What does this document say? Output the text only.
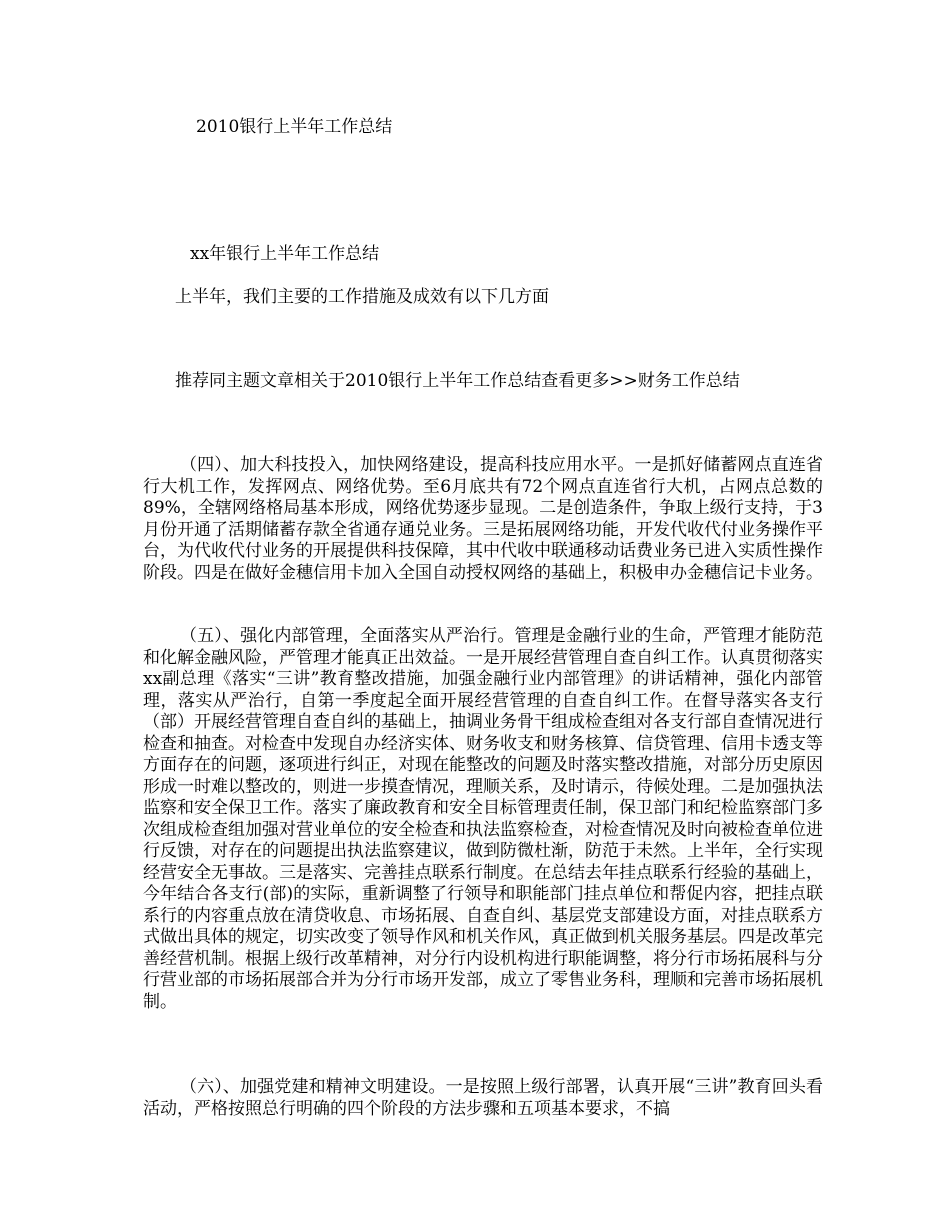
2010银行上半年工作总结
xx年银行上半年工作总结
上半年，我们主要的工作措施及成效有以下几方面
推荐同主题文章相关于2010银行上半年工作总结查看更多>>财务工作总结

（四）、加大科技投入，加快网络建设，提高科技应用水平。一是抓好储蓄网点直连省行大机工作，发挥网点、网络优势。至6月底共有72个网点直连省行大机，占网点总数的89%，全辖网络格局基本形成，网络优势逐步显现。二是创造条件，争取上级行支持，于3月份开通了活期储蓄存款全省通存通兑业务。三是拓展网络功能，开发代收代付业务操作平台，为代收代付业务的开展提供科技保障，其中代收中联通移动话费业务已进入实质性操作阶段。四是在做好金穗信用卡加入全国自动授权网络的基础上，积极申办金穗信记卡业务。

（五）、强化内部管理，全面落实从严治行。管理是金融行业的生命，严管理才能防范和化解金融风险，严管理才能真正出效益。一是开展经营管理自查自纠工作。认真贯彻落实xx副总理《落实“三讲”教育整改措施，加强金融行业内部管理》的讲话精神，强化内部管理，落实从严治行，自第一季度起全面开展经营管理的自查自纠工作。在督导落实各支行（部）开展经营管理自查自纠的基础上，抽调业务骨干组成检查组对各支行部自查情况进行检查和抽查。对检查中发现自办经济实体、财务收支和财务核算、信贷管理、信用卡透支等方面存在的问题，逐项进行纠正，对现在能整改的问题及时落实整改措施，对部分历史原因形成一时难以整改的，则进一步摸查情况，理顺关系，及时请示，待候处理。二是加强执法监察和安全保卫工作。落实了廉政教育和安全目标管理责任制，保卫部门和纪检监察部门多次组成检查组加强对营业单位的安全检查和执法监察检查，对检查情况及时向被检查单位进行反馈，对存在的问题提出执法监察建议，做到防微杜渐，防范于未然。上半年，全行实现经营安全无事故。三是落实、完善挂点联系行制度。在总结去年挂点联系行经验的基础上，今年结合各支行(部)的实际，重新调整了行领导和职能部门挂点单位和帮促内容，把挂点联系行的内容重点放在清贷收息、市场拓展、自查自纠、基层党支部建设方面，对挂点联系方式做出具体的规定，切实改变了领导作风和机关作风，真正做到机关服务基层。四是改革完善经营机制。根据上级行改革精神，对分行内设机构进行职能调整，将分行市场拓展科与分行营业部的市场拓展部合并为分行市场开发部，成立了零售业务科，理顺和完善市场拓展机制。

（六）、加强党建和精神文明建设。一是按照上级行部署，认真开展“三讲”教育回头看活动，严格按照总行明确的四个阶段的方法步骤和五项基本要求，不搞
